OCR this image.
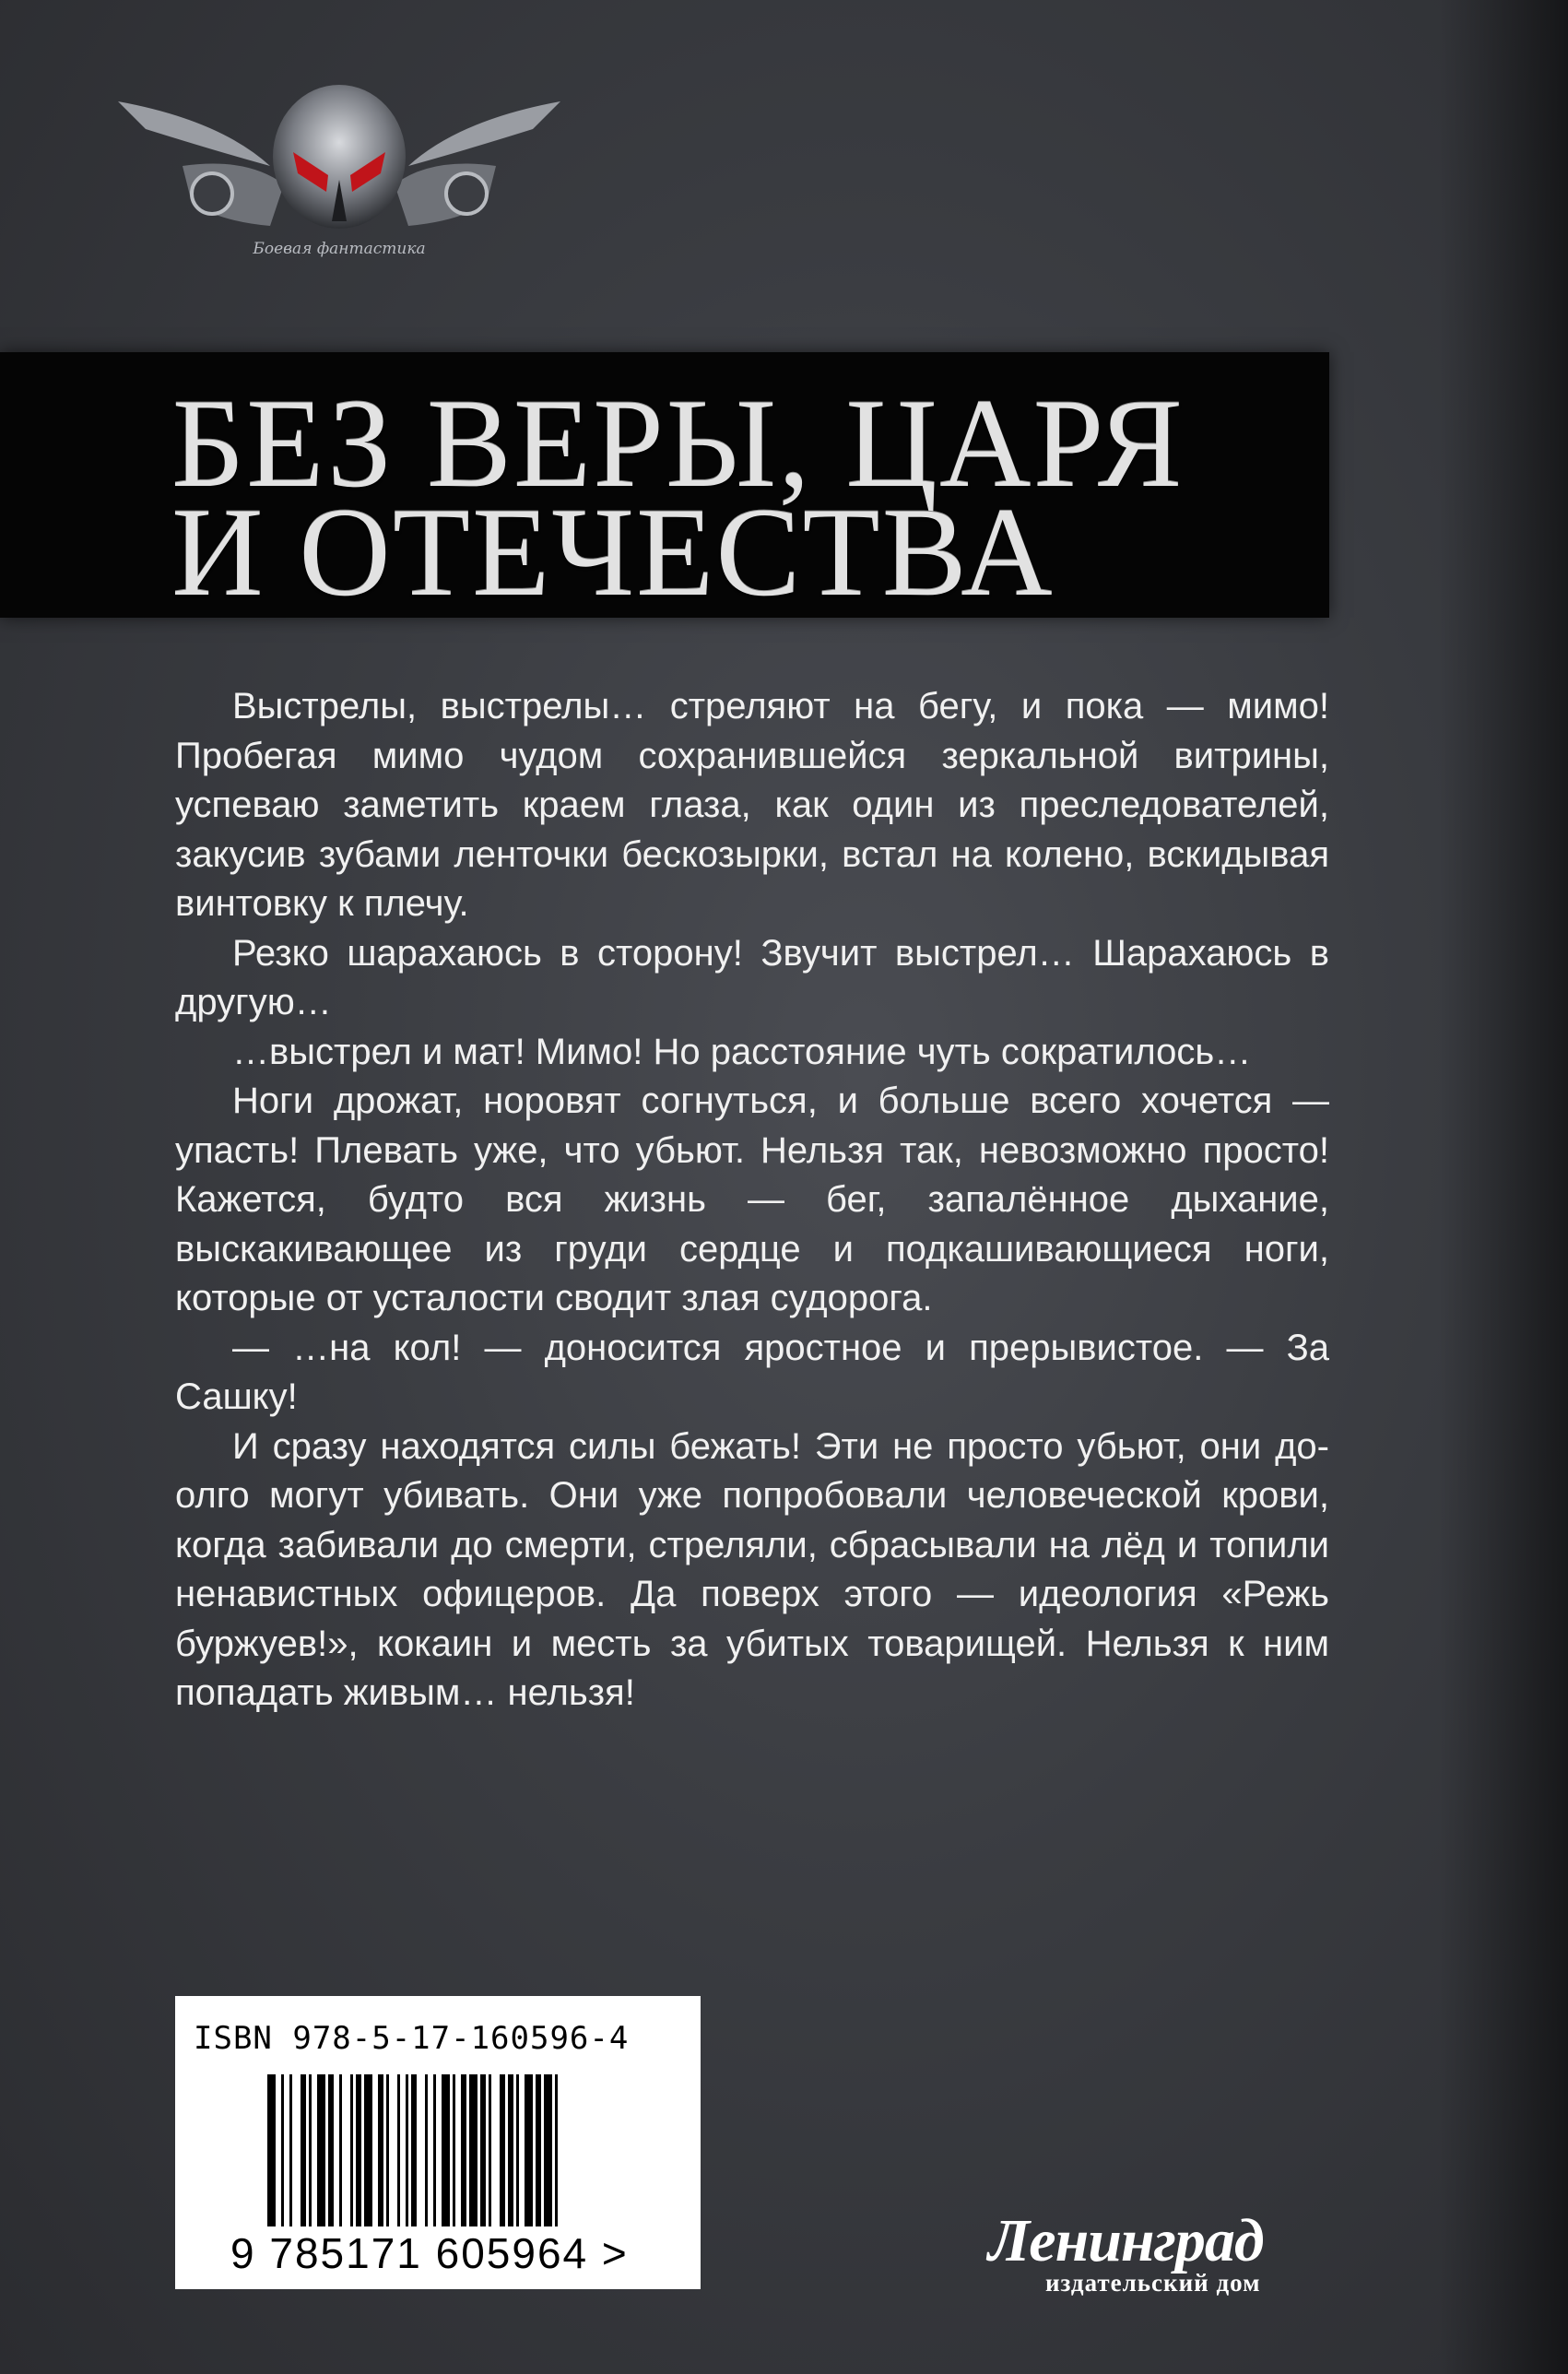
Боевая фантастика
БЕЗ ВЕРЫ, ЦАРЯ
И ОТЕЧЕСТВА

Выстрелы, выстрелы… стреляют на бегу, и пока — мимо! Пробегая мимо чудом сохранившейся зеркальной витрины, успеваю заметить краем глаза, как один из преследователей, закусив зубами ленточки бескозырки, встал на колено, вскидывая винтовку к плечу.

Резко шарахаюсь в сторону! Звучит выстрел… Шарахаюсь в другую…

…выстрел и мат! Мимо! Но расстояние чуть сократилось…

Ноги дрожат, норовят согнуться, и больше всего хочется — упасть! Плевать уже, что убьют. Нельзя так, невозможно просто! Кажется, будто вся жизнь — бег, запалённое дыхание, выскакивающее из груди сердце и подкашивающиеся ноги, которые от усталости сводит злая судорога.

— …на кол! — доносится яростное и прерывистое. — За Сашку!

И сразу находятся силы бежать! Эти не просто убьют, они до-олго могут убивать. Они уже попробовали человеческой крови, когда забивали до смерти, стреляли, сбрасывали на лёд и топили ненавистных офицеров. Да поверх этого — идеология «Режь буржуев!», кокаин и месть за убитых товарищей. Нельзя к ним попадать живым… нельзя!

ISBN 978-5-17-160596-4
9 785171 605964 >	Ленинград
издательский дом
